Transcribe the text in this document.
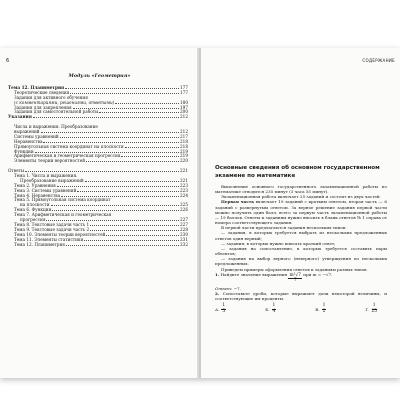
6
Модуль «Геометрия»
Тема 12. Планиметрия	177
Теоретические сведения	177
Задания для активного обучения
(с комментариями, решениями, ответами)	180
Задания для закрепления	197
Задания для самостоятельной работы	200
Указания	212
Числа и выражения. Преобразование
выражений	212
Системы уравнений	217
Неравенства	218
Прямоугольная система координат на плоскости	218
Функции	219
Арифметическая и геометрическая прогрессия	219
Элементы теории вероятностей	220
Ответы	221
Тема 1. Числа и выражения.
Преобразование выражений	221
Тема 2. Уравнения	223
Тема 3. Системы уравнений	223
Тема 4. Неравенства	224
Тема 5. Прямоугольная система координат
на плоскости	225
Тема 6. Функции	226
Тема 7. Арифметическая и геометрическая
прогрессия	227
Тема 8. Текстовые задачи часть 1	227
Тема 9. Текстовые задачи часть 2	228
Тема 10. Элементы теории вероятностей	230
Тема 11. Элементы статистики	231
Тема 12. Планиметрия	232
СОДЕРЖАНИЕ
Основные сведения об основном государственном экзамене по математике

Выполнение основного государственного экзаменационной работы по математике отводится 235 минут (3 часа 55 минут).

Экзаменационная работа включает 25 заданий и состоит из двух частей.

Первая часть включает 19 заданий с кратким ответом, вторая часть — 6 заданий с развернутым ответом. За верное решение задания первой части можно получить один балл, всего за первую часть экзаменационной работы — 19 баллов. Ответы к заданиям нужно вносить в бланк ответов № 1 справа от номера соответствующего задания.

В первой части предлагаются задания нескольких типов:

— задания, в которых требуется выбрать из нескольких предложенных ответов один верный;

— задания, в которых нужно вписать краткий ответ;

— задания на сопоставление, в которых требуется составить пары объектов;

— задания на выбор верного (неверного) утверждения из нескольких предложенных.

Приведем примеры оформления ответов к заданиям разных типов.

1. Найдите значение выражения $\frac{\text{m²√7}}{7}$ при m = −√7.

Ответ: −7.

2. Сопоставьте дроби, которые выражают доли некоторой величины, и соответствующие им проценты.

А. $\frac{1}{5}$	Б. $\frac{1}{4}$	В. $\frac{1}{2}$	Г. $\frac{1}{25}$
